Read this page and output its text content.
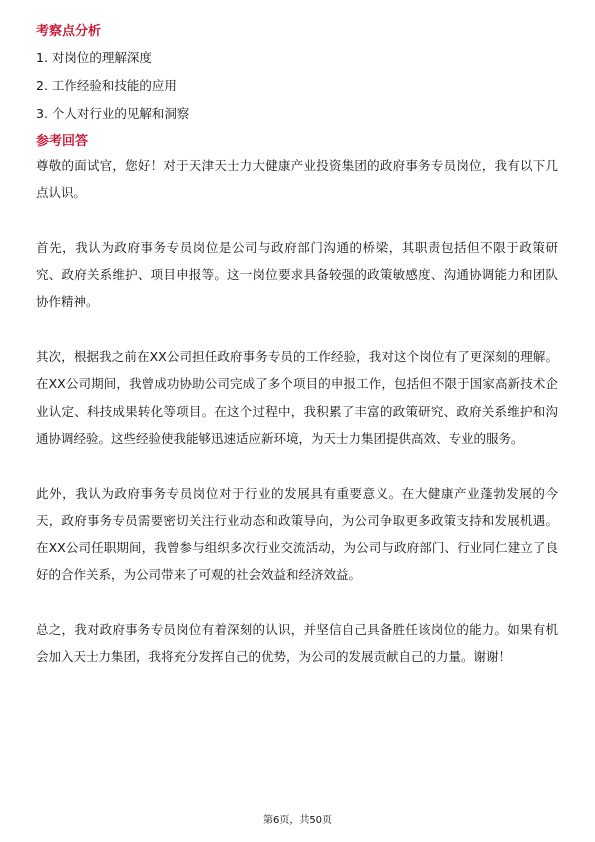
考察点分析
1. 对岗位的理解深度
2. 工作经验和技能的应用
3. 个人对行业的见解和洞察
参考回答

尊敬的面试官，您好！对于天津天士力大健康产业投资集团的政府事务专员岗位，我有以下几点认识。

首先，我认为政府事务专员岗位是公司与政府部门沟通的桥梁，其职责包括但不限于政策研究、政府关系维护、项目申报等。这一岗位要求具备较强的政策敏感度、沟通协调能力和团队协作精神。

其次，根据我之前在XX公司担任政府事务专员的工作经验，我对这个岗位有了更深刻的理解。在XX公司期间，我曾成功协助公司完成了多个项目的申报工作，包括但不限于国家高新技术企业认定、科技成果转化等项目。在这个过程中，我积累了丰富的政策研究、政府关系维护和沟通协调经验。这些经验使我能够迅速适应新环境，为天士力集团提供高效、专业的服务。

此外，我认为政府事务专员岗位对于行业的发展具有重要意义。在大健康产业蓬勃发展的今天，政府事务专员需要密切关注行业动态和政策导向，为公司争取更多政策支持和发展机遇。在XX公司任职期间，我曾参与组织多次行业交流活动，为公司与政府部门、行业同仁建立了良好的合作关系，为公司带来了可观的社会效益和经济效益。

总之，我对政府事务专员岗位有着深刻的认识，并坚信自己具备胜任该岗位的能力。如果有机会加入天士力集团，我将充分发挥自己的优势，为公司的发展贡献自己的力量。谢谢！

第6页，共50页
